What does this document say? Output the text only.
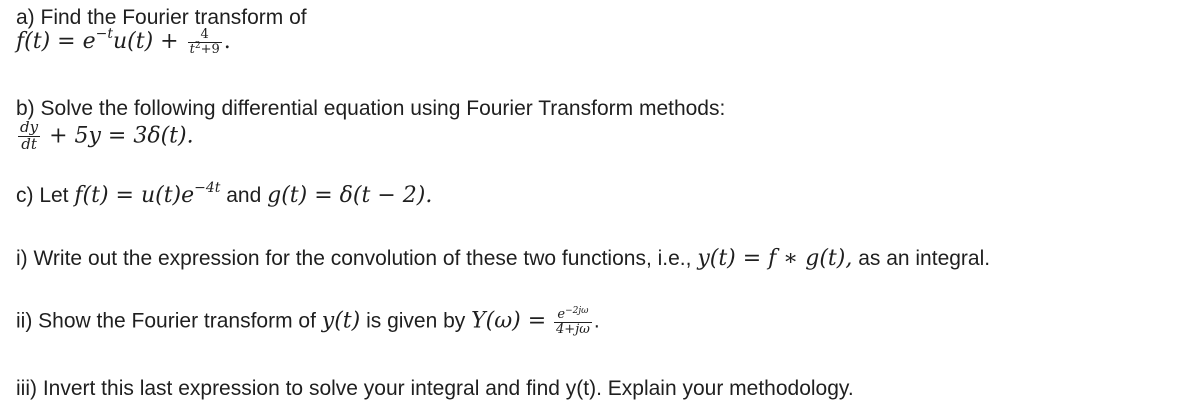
a) Find the Fourier transform of
$f(t) = e^{-t}u(t) + \frac{4}{t^2+9}$ .
b) Solve the following differential equation using Fourier Transform methods:
$\frac{dy}{dt} + 5y = 3\delta(t)$.
c) Let $f(t) = u(t)e^{-4t}$ and g(t) = δ(t − 2).
i) Write out the expression for the convolution of these two functions, i.e., y(t) = f ∗ g(t), as an integral.
ii) Show the Fourier transform of y(t) is given by $Y(\omega) = \frac{e^{-2j\omega}}{4+j\omega}$ .
iii) Invert this last expression to solve your integral and find y(t). Explain your methodology.
